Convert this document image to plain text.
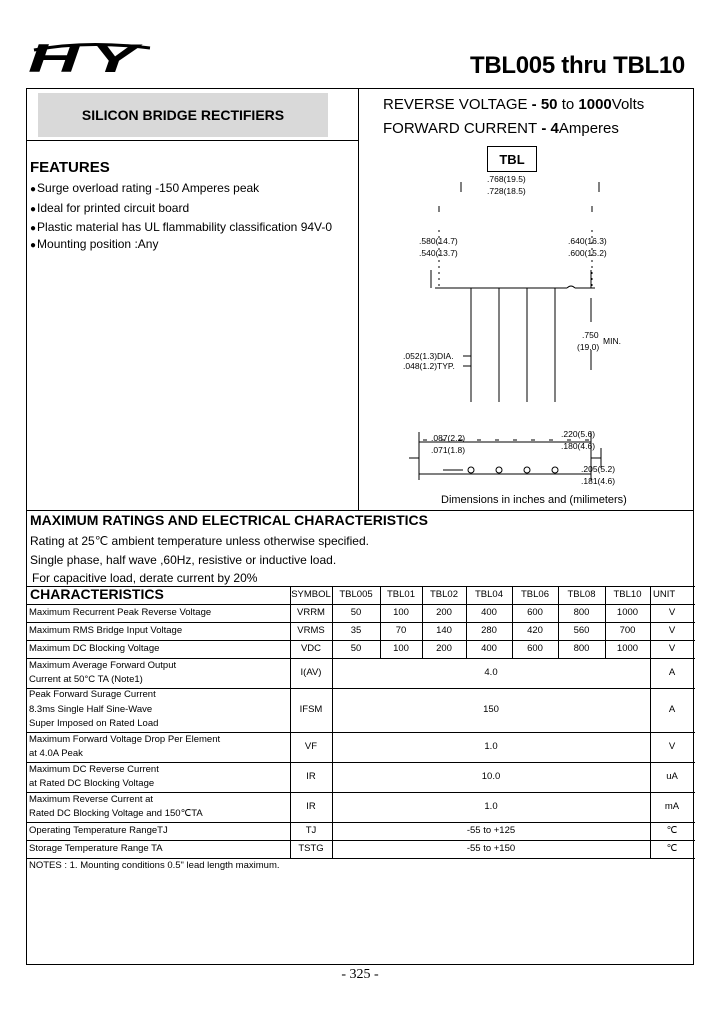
HY	TBL005 thru TBL10
SILICON BRIDGE RECTIFIERS
REVERSE VOLTAGE - 50 to 1000Volts
FORWARD CURRENT - 4Amperes
FEATURES
● Surge overload rating -150 Amperes peak
● Ideal for printed circuit board
● Plastic material has UL flammability classification 94V-0
● Mounting position :Any
TBL
.768(19.5)
.728(18.5)
.580(14.7)
.540(13.7)
.640(16.3)
.600(15.2)
.750
(19.0)
MIN.
.052(1.3)DIA.
.048(1.2)TYP.
.087(2.2)
.071(1.8)
.220(5.6)
.180(4.6)
.205(5.2)
.181(4.6)
Dimensions in inches and (milimeters)
MAXIMUM RATINGS AND ELECTRICAL CHARACTERISTICS
Rating at 25℃ ambient temperature unless otherwise specified.
Single phase, half wave ,60Hz, resistive or inductive load.
For capacitive load, derate current by 20%
CHARACTERISTICS	SYMBOL TBL005	TBL01	TBL02	TBL04	TBL06	TBL08	TBL10	UNIT
Maximum Recurrent Peak Reverse Voltage	VRRM	50	100	200	400	600	800	1000	V
Maximum RMS Bridge Input Voltage	VRMS	35	70	140	280	420	560	700	V
Maximum DC Blocking Voltage	VDC	50	100	200	400	600	800	1000	V
Maximum Average Forward Output
Current at 50°C TA (Note1)
I(AV)	4.0	A
Peak Forward Surage Current
8.3ms Single Half Sine-Wave
Super Imposed on Rated Load
IFSM	150	A
Maximum Forward Voltage Drop Per Element
at 4.0A Peak
VF	1.0	V
Maximum DC Reverse Current
at Rated DC Blocking Voltage
IR	10.0	uA
Maximum Reverse Current at
Rated DC Blocking Voltage and 150℃TA
IR	1.0	mA
Operating Temperature RangeTJ	TJ	-55 to +125	℃
Storage Temperature Range TA	TSTG	-55 to +150	℃
NOTES : 1. Mounting conditions 0.5" lead length maximum.
- 325 -
